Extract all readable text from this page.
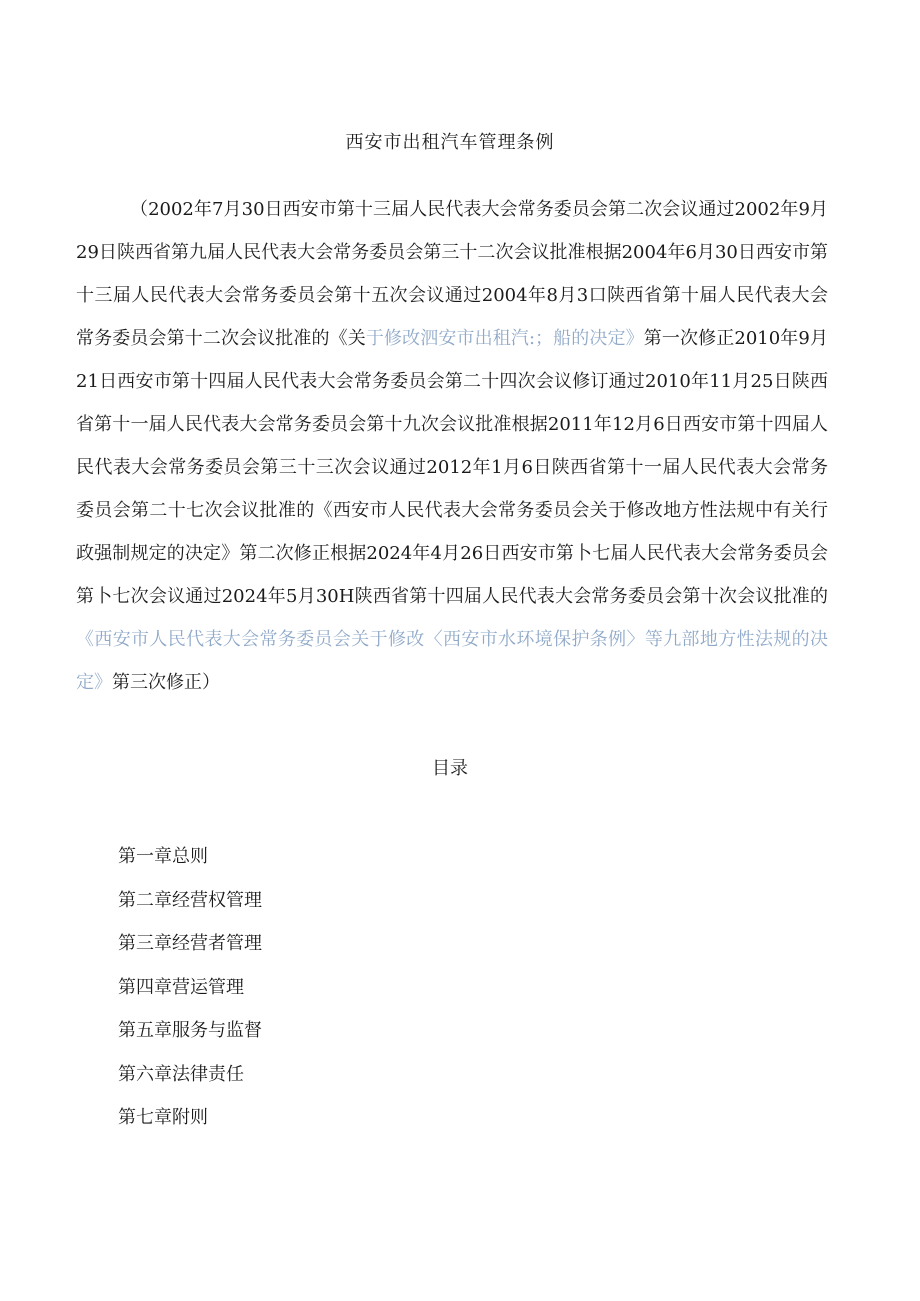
西安市出租汽车管理条例

（2002年7月30日西安市第十三届人民代表大会常务委员会第二次会议通过2002年9月29日陕西省第九届人民代表大会常务委员会第三十二次会议批准根据2004年6月30日西安市第十三届人民代表大会常务委员会第十五次会议通过2004年8月3口陕西省第十届人民代表大会常务委员会第十二次会议批准的《关于修改泗安市出租汽:；船的决定》第一次修正2010年9月21日西安市第十四届人民代表大会常务委员会第二十四次会议修订通过2010年11月25日陕西省第十一届人民代表大会常务委员会第十九次会议批准根据2011年12月6日西安市第十四届人民代表大会常务委员会第三十三次会议通过2012年1月6日陕西省第十一届人民代表大会常务委员会第二十七次会议批准的《西安市人民代表大会常务委员会关于修改地方性法规中有关行政强制规定的决定》第二次修正根据2024年4月26日西安市第卜七届人民代表大会常务委员会第卜七次会议通过2024年5月30H陕西省第十四届人民代表大会常务委员会第十次会议批准的《西安市人民代表大会常务委员会关于修改〈西安市水环境保护条例〉等九部地方性法规的决定》第三次修正）

目录
第一章总则
第二章经营权管理
第三章经营者管理
第四章营运管理
第五章服务与监督
第六章法律责任
第七章附则
